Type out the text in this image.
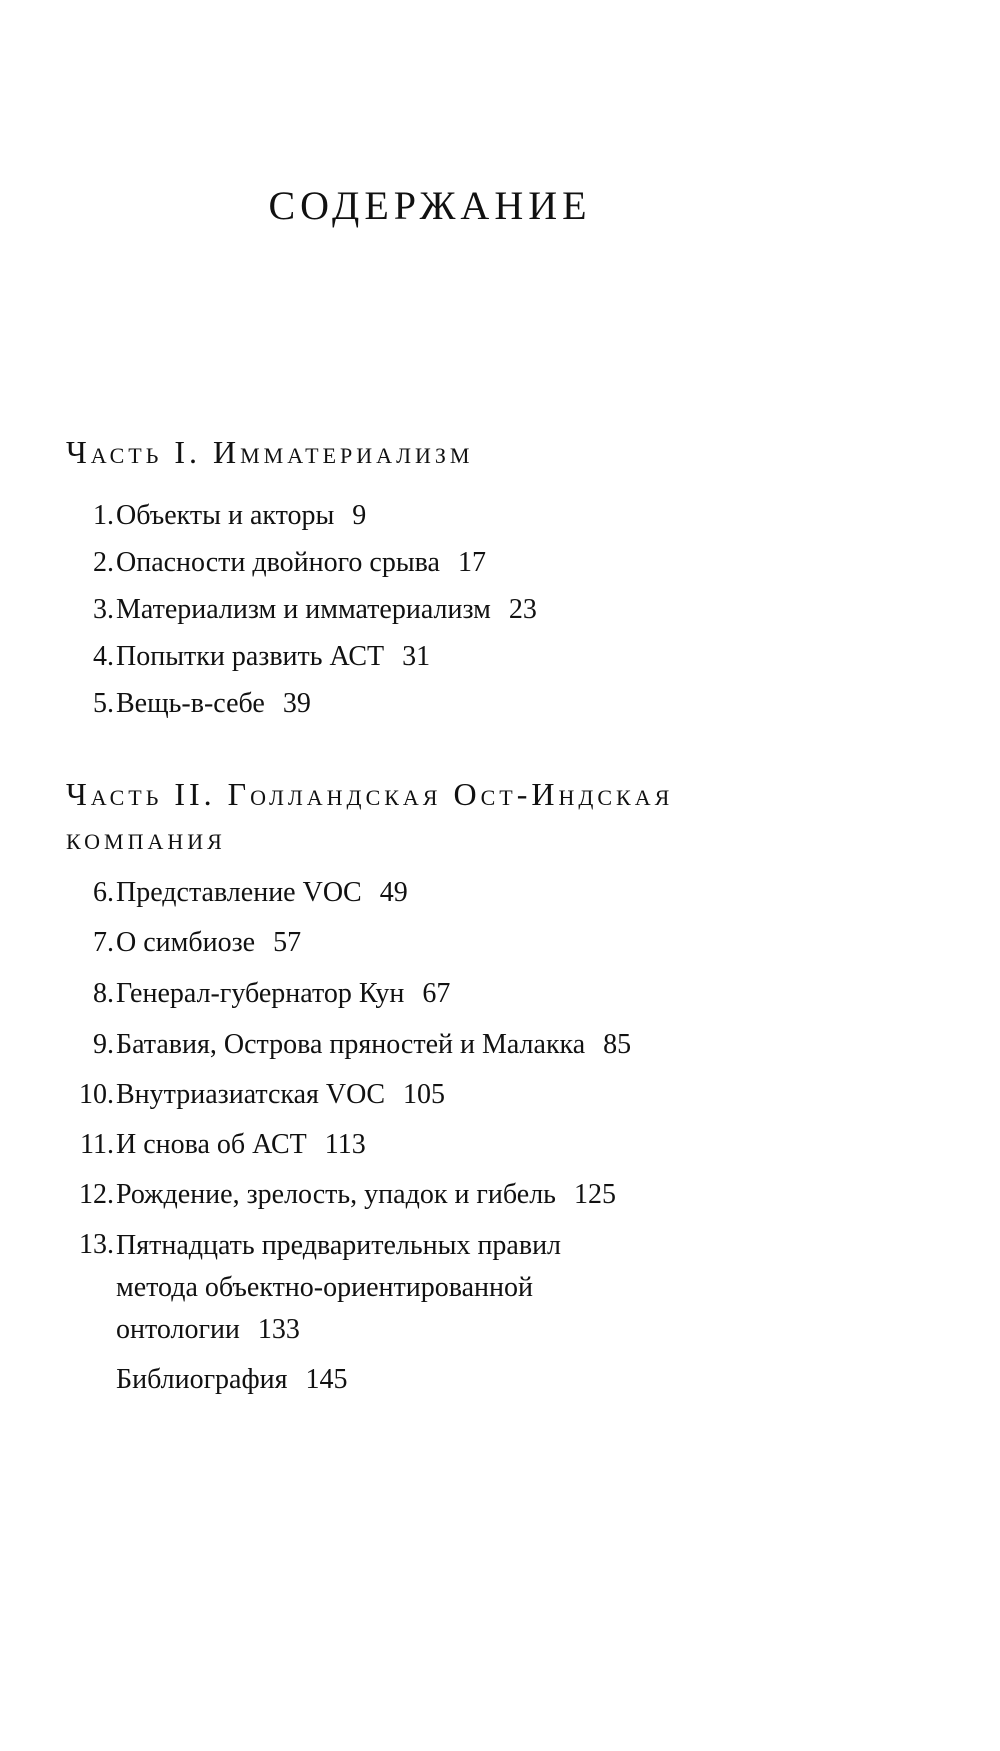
СОДЕРЖАНИЕ
Часть I. Имматериализм
1. Объекты и акторы 9
2. Опасности двойного срыва 17
3. Материализм и имматериализм 23
4. Попытки развить АСТ 31
5. Вещь-в-себе 39
Часть II. Голландская Ост-Индская
компания
6. Представление VOC 49
7. О симбиозе 57
8. Генерал-губернатор Кун 67
9. Батавия, Острова пряностей и Малакка 85
10. Внутриазиатская VOC 105
11. И снова об АСТ 113
12. Рождение, зрелость, упадок и гибель 125
13. Пятнадцать предварительных правил
метода объектно-ориентированной
онтологии 133
Библиография 145
